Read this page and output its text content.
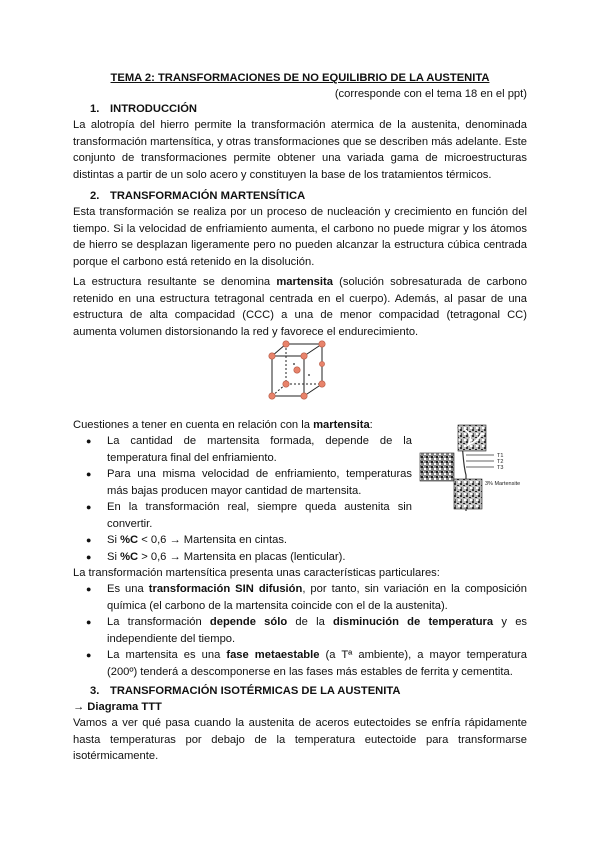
TEMA 2: TRANSFORMACIONES DE NO EQUILIBRIO DE LA AUSTENITA
(corresponde con el tema 18 en el ppt)
1. INTRODUCCIÓN
La alotropía del hierro permite la transformación atermica de la austenita, denominada transformación martensítica, y otras transformaciones que se describen más adelante. Este conjunto de transformaciones permite obtener una variada gama de microestructuras distintas a partir de un solo acero y constituyen la base de los tratamientos térmicos.
2. TRANSFORMACIÓN MARTENSÍTICA
Esta transformación se realiza por un proceso de nucleación y crecimiento en función del tiempo. Si la velocidad de enfriamiento aumenta, el carbono no puede migrar y los átomos de hierro se desplazan ligeramente pero no pueden alcanzar la estructura cúbica centrada porque el carbono está retenido en la disolución.
La estructura resultante se denomina martensita (solución sobresaturada de carbono retenido en una estructura tetragonal centrada en el cuerpo). Además, al pasar de una estructura de alta compacidad (CCC) a una de menor compacidad (tetragonal CC) aumenta volumen distorsionando la red y favorece el endurecimiento.
Cuestiones a tener en cuenta en relación con la martensita:
● La cantidad de martensita formada, depende de la temperatura final del enfriamiento.
● Para una misma velocidad de enfriamiento, temperaturas más bajas producen mayor cantidad de martensita.
● En la transformación real, siempre queda austenita sin convertir.
● Si %C < 0,6 → Martensita en cintas.
● Si %C > 0,6 → Martensita en placas (lenticular).
T1
T2
T3
3% Martensite
La transformación martensítica presenta unas características particulares:
● Es una transformación SIN difusión, por tanto, sin variación en la composición química (el carbono de la martensita coincide con el de la austenita).
● La transformación depende sólo de la disminución de temperatura y es independiente del tiempo.
● La martensita es una fase metaestable (a Tª ambiente), a mayor temperatura (200º) tenderá a descomponerse en las fases más estables de ferrita y cementita.
3. TRANSFORMACIÓN ISOTÉRMICAS DE LA AUSTENITA
→ Diagrama TTT
Vamos a ver qué pasa cuando la austenita de aceros eutectoides se enfría rápidamente hasta temperaturas por debajo de la temperatura eutectoide para transformarse isotérmicamente.
